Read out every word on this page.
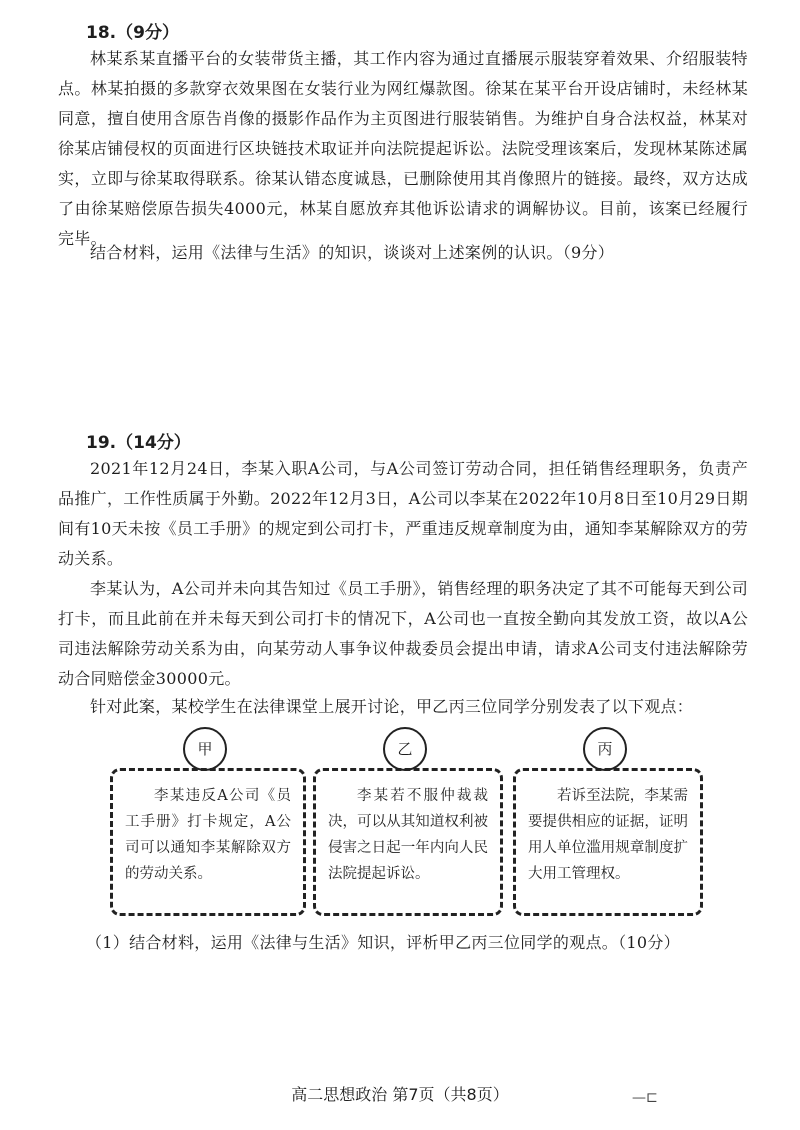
18.（9分）
林某系某直播平台的女装带货主播，其工作内容为通过直播展示服装穿着效果、介绍服装特点。林某拍摄的多款穿衣效果图在女装行业为网红爆款图。徐某在某平台开设店铺时，未经林某同意，擅自使用含原告肖像的摄影作品作为主页图进行服装销售。为维护自身合法权益，林某对徐某店铺侵权的页面进行区块链技术取证并向法院提起诉讼。法院受理该案后，发现林某陈述属实，立即与徐某取得联系。徐某认错态度诚恳，已删除使用其肖像照片的链接。最终，双方达成了由徐某赔偿原告损失4000元，林某自愿放弃其他诉讼请求的调解协议。目前，该案已经履行完毕。
结合材料，运用《法律与生活》的知识，谈谈对上述案例的认识。（9分）
19.（14分）
2021年12月24日，李某入职A公司，与A公司签订劳动合同，担任销售经理职务，负责产品推广，工作性质属于外勤。2022年12月3日，A公司以李某在2022年10月8日至10月29日期间有10天未按《员工手册》的规定到公司打卡，严重违反规章制度为由，通知李某解除双方的劳动关系。
李某认为，A公司并未向其告知过《员工手册》，销售经理的职务决定了其不可能每天到公司打卡，而且此前在并未每天到公司打卡的情况下，A公司也一直按全勤向其发放工资，故以A公司违法解除劳动关系为由，向某劳动人事争议仲裁委员会提出申请，请求A公司支付违法解除劳动合同赔偿金30000元。
针对此案，某校学生在法律课堂上展开讨论，甲乙丙三位同学分别发表了以下观点：
甲	乙	丙
李某违反A公司《员工手册》打卡规定，A公司可以通知李某解除双方的劳动关系。
李某若不服仲裁裁决，可以从其知道权利被侵害之日起一年内向人民法院提起诉讼。
若诉至法院，李某需要提供相应的证据，证明用人单位滥用规章制度扩大用工管理权。
（1）结合材料，运用《法律与生活》知识，评析甲乙丙三位同学的观点。（10分）
高二思想政治 第7页（共8页）	—⊏
